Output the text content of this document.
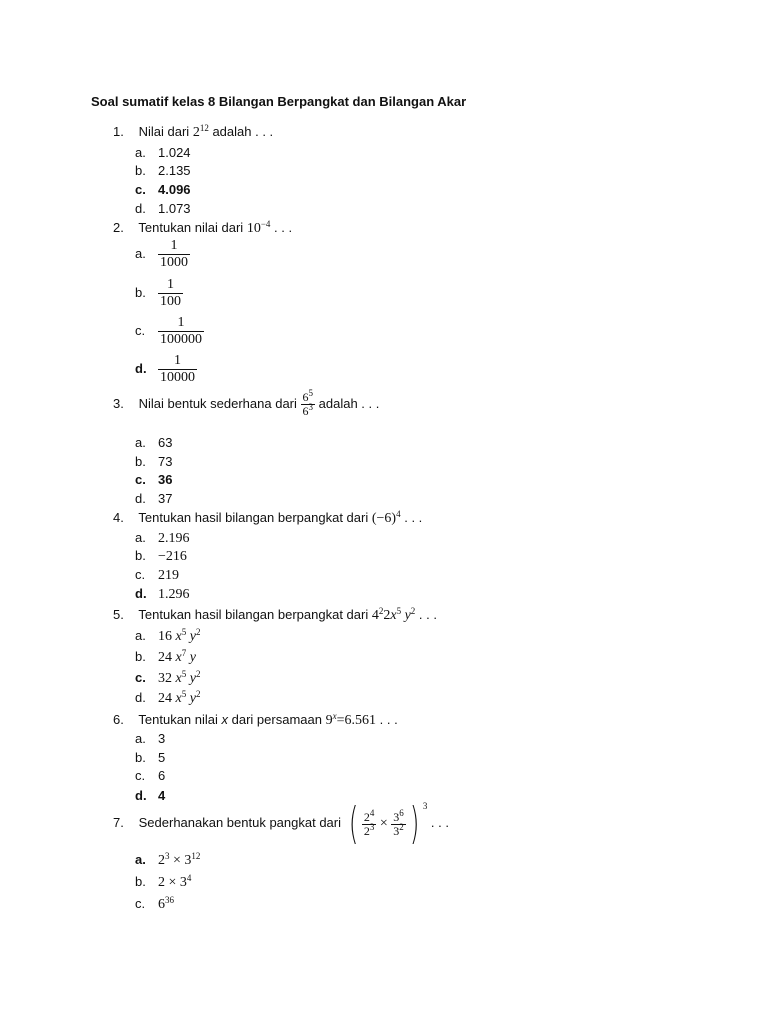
Soal sumatif kelas 8 Bilangan Berpangkat dan Bilangan Akar
1. Nilai dari $2^{12}$ adalah . . .
a. 1.024
b. 2.135
c. 4.096
d. 1.073
2. Tentukan nilai dari $10^{-4}$ . . .
a. $\frac{1}{1000}$
b. $\frac{1}{100}$
c. $\frac{1}{100000}$
d. $\frac{1}{10000}$
3. Nilai bentuk sederhana dari $\frac{6^5}{6^3}$ adalah . . .
a. 63
b. 73
c. 36
d. 37
4. Tentukan hasil bilangan berpangkat dari $(-6)^4$ . . .
a. 2.196
b. −216
c. 219
d. 1.296
5. Tentukan hasil bilangan berpangkat dari $4^22x^5$ $y^2$ . . .
a. 16 $x^5$ $y^2$
b. 24 $x^7$ y
c. 32 $x^5$ $y^2$
d. 24 $x^5$ $y^2$
6. Tentukan nilai x dari persamaan $9^x=6.561$ . . .
a. 3
b. 5
c. 6
d. 4
7. Sederhanakan bentuk pangkat dari ( $\frac{2^4}{2^3} \times \frac{3^6}{3^2}$ ) $^3$ . . .
a. $2^3 \times 3^{12}$
b. $2 \times 3^4$
c. $6^{36}$
